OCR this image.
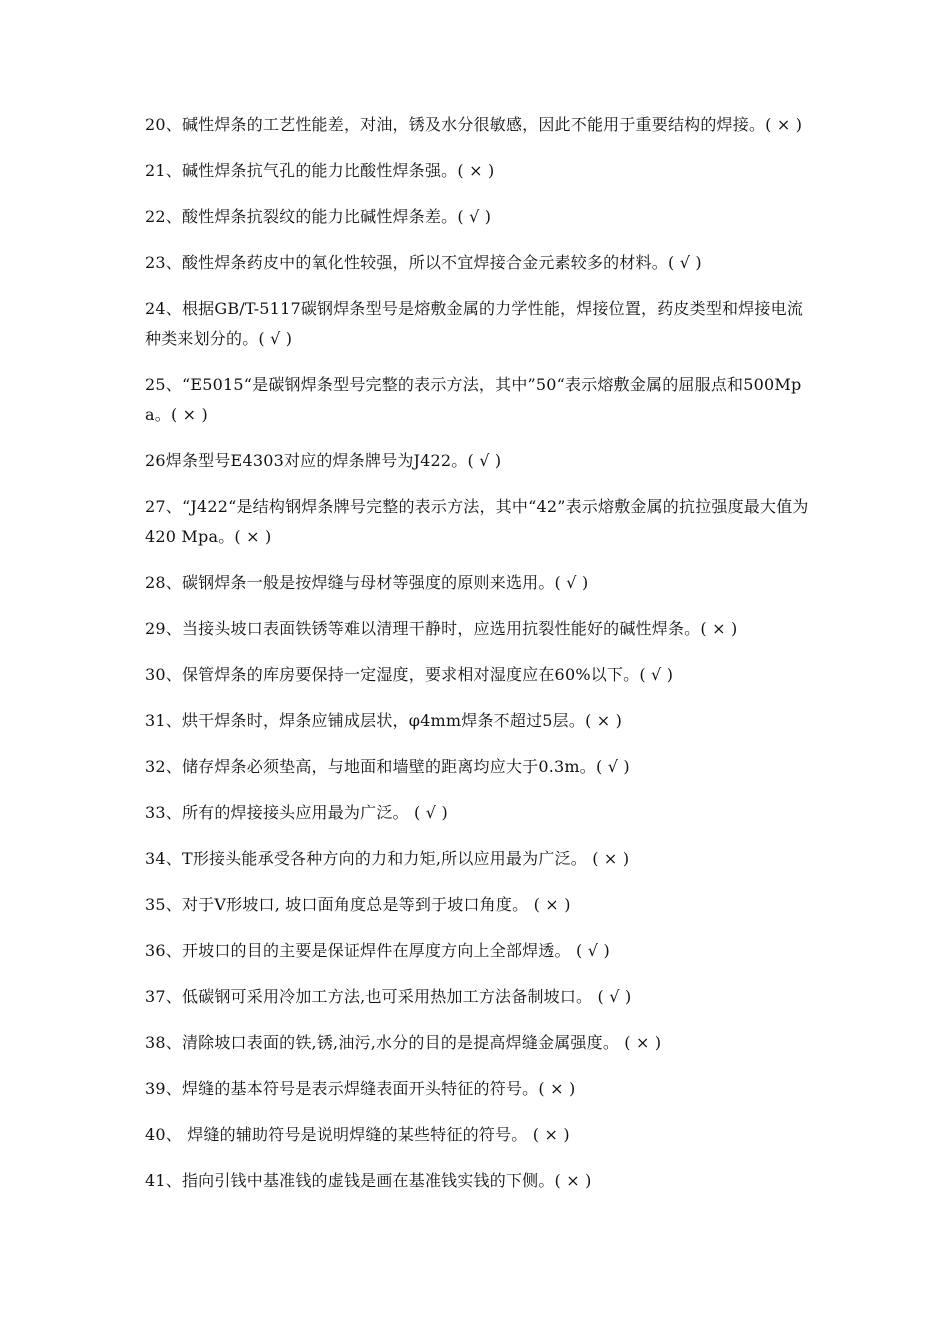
20、碱性焊条的工艺性能差，对油，锈及水分很敏感，因此不能用于重要结构的焊接。( × )

21、碱性焊条抗气孔的能力比酸性焊条强。( × )

22、酸性焊条抗裂纹的能力比碱性焊条差。( √ )

23、酸性焊条药皮中的氧化性较强，所以不宜焊接合金元素较多的材料。( √ )

24、根据GB/T-5117碳钢焊条型号是熔敷金属的力学性能，焊接位置，药皮类型和焊接电流种类来划分的。( √ )

25、“E5015“是碳钢焊条型号完整的表示方法，其中”50“表示熔敷金属的屈服点和500Mpa。( × )

26焊条型号E4303对应的焊条牌号为J422。( √ )

27、“J422“是结构钢焊条牌号完整的表示方法，其中“42”表示熔敷金属的抗拉强度最大值为420 Mpa。( × )

28、碳钢焊条一般是按焊缝与母材等强度的原则来选用。( √ )

29、当接头坡口表面铁锈等难以清理干静时，应选用抗裂性能好的碱性焊条。( × )

30、保管焊条的库房要保持一定湿度，要求相对湿度应在60%以下。( √ )

31、烘干焊条时，焊条应铺成层状，φ4mm焊条不超过5层。( × )

32、储存焊条必须垫高，与地面和墙壁的距离均应大于0.3m。( √ )

33、所有的焊接接头应用最为广泛。 ( √ )

34、T形接头能承受各种方向的力和力矩,所以应用最为广泛。 ( × )

35、对于V形坡口, 坡口面角度总是等到于坡口角度。 ( × )

36、开坡口的目的主要是保证焊件在厚度方向上全部焊透。 ( √ )

37、低碳钢可采用冷加工方法,也可采用热加工方法备制坡口。 ( √ )

38、清除坡口表面的铁,锈,油污,水分的目的是提高焊缝金属强度。 ( × )

39、焊缝的基本符号是表示焊缝表面开头特征的符号。( × )

40、 焊缝的辅助符号是说明焊缝的某些特征的符号。 ( × )

41、指向引钱中基准钱的虚钱是画在基准钱实钱的下侧。( × )
